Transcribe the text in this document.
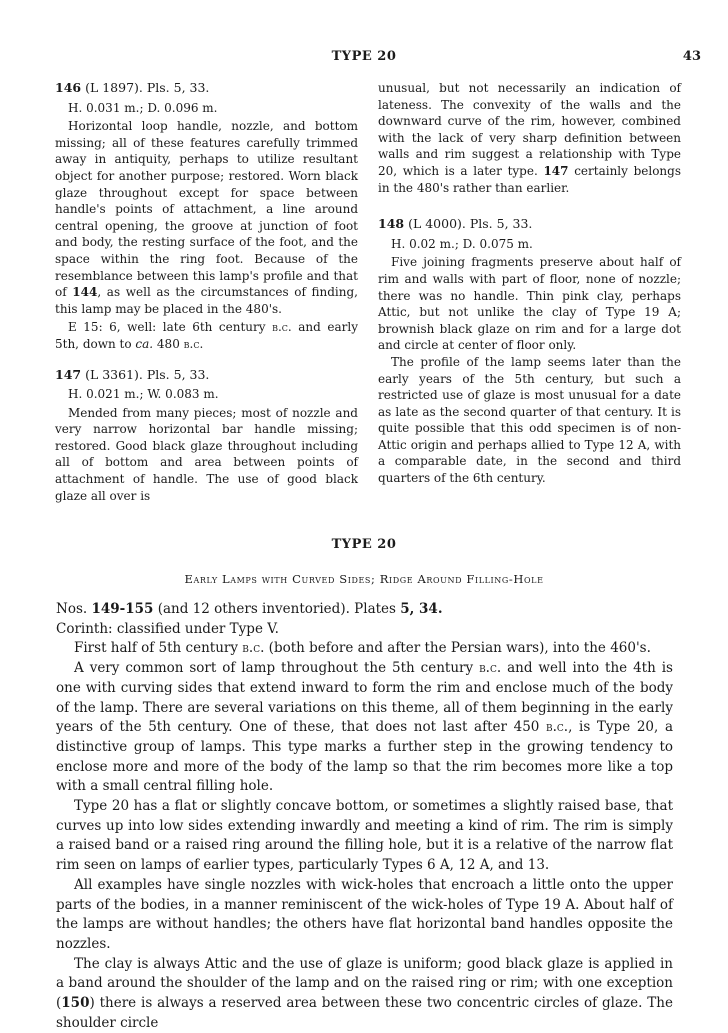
TYPE 20	43

146 (L 1897). Pls. 5, 33.

H. 0.031 m.; D. 0.096 m.

Horizontal loop handle, nozzle, and bottom missing; all of these features carefully trimmed away in antiquity, perhaps to utilize resultant object for another purpose; restored. Worn black glaze throughout except for space between handle's points of attachment, a line around central opening, the groove at junction of foot and body, the resting surface of the foot, and the space within the ring foot. Because of the resemblance between this lamp's profile and that of 144, as well as the circumstances of finding, this lamp may be placed in the 480's.

E 15: 6, well: late 6th century b.c. and early 5th, down to ca. 480 b.c.

147 (L 3361). Pls. 5, 33.

H. 0.021 m.; W. 0.083 m.

Mended from many pieces; most of nozzle and very narrow horizontal bar handle missing; restored. Good black glaze throughout including all of bottom and area between points of attachment of handle. The use of good black glaze all over is

unusual, but not necessarily an indication of lateness. The convexity of the walls and the downward curve of the rim, however, combined with the lack of very sharp definition between walls and rim suggest a relationship with Type 20, which is a later type. 147 certainly belongs in the 480's rather than earlier.

148 (L 4000). Pls. 5, 33.

H. 0.02 m.; D. 0.075 m.

Five joining fragments preserve about half of rim and walls with part of floor, none of nozzle; there was no handle. Thin pink clay, perhaps Attic, but not unlike the clay of Type 19 A; brownish black glaze on rim and for a large dot and circle at center of floor only.

The profile of the lamp seems later than the early years of the 5th century, but such a restricted use of glaze is most unusual for a date as late as the second quarter of that century. It is quite possible that this odd specimen is of non-Attic origin and perhaps allied to Type 12 A, with a comparable date, in the second and third quarters of the 6th century.

TYPE 20
Early Lamps with Curved Sides; Ridge Around Filling-Hole

Nos. 149-155 (and 12 others inventoried). Plates 5, 34.

Corinth: classified under Type V.

First half of 5th century b.c. (both before and after the Persian wars), into the 460's.

A very common sort of lamp throughout the 5th century b.c. and well into the 4th is one with curving sides that extend inward to form the rim and enclose much of the body of the lamp. There are several variations on this theme, all of them beginning in the early years of the 5th century. One of these, that does not last after 450 b.c., is Type 20, a distinctive group of lamps. This type marks a further step in the growing tendency to enclose more and more of the body of the lamp so that the rim becomes more like a top with a small central filling hole.

Type 20 has a flat or slightly concave bottom, or sometimes a slightly raised base, that curves up into low sides extending inwardly and meeting a kind of rim. The rim is simply a raised band or a raised ring around the filling hole, but it is a relative of the narrow flat rim seen on lamps of earlier types, particularly Types 6 A, 12 A, and 13.

All examples have single nozzles with wick-holes that encroach a little onto the upper parts of the bodies, in a manner reminiscent of the wick-holes of Type 19 A. About half of the lamps are without handles; the others have flat horizontal band handles opposite the nozzles.

The clay is always Attic and the use of glaze is uniform; good black glaze is applied in a band around the shoulder of the lamp and on the raised ring or rim; with one exception (150) there is always a reserved area between these two concentric circles of glaze. The shoulder circle
